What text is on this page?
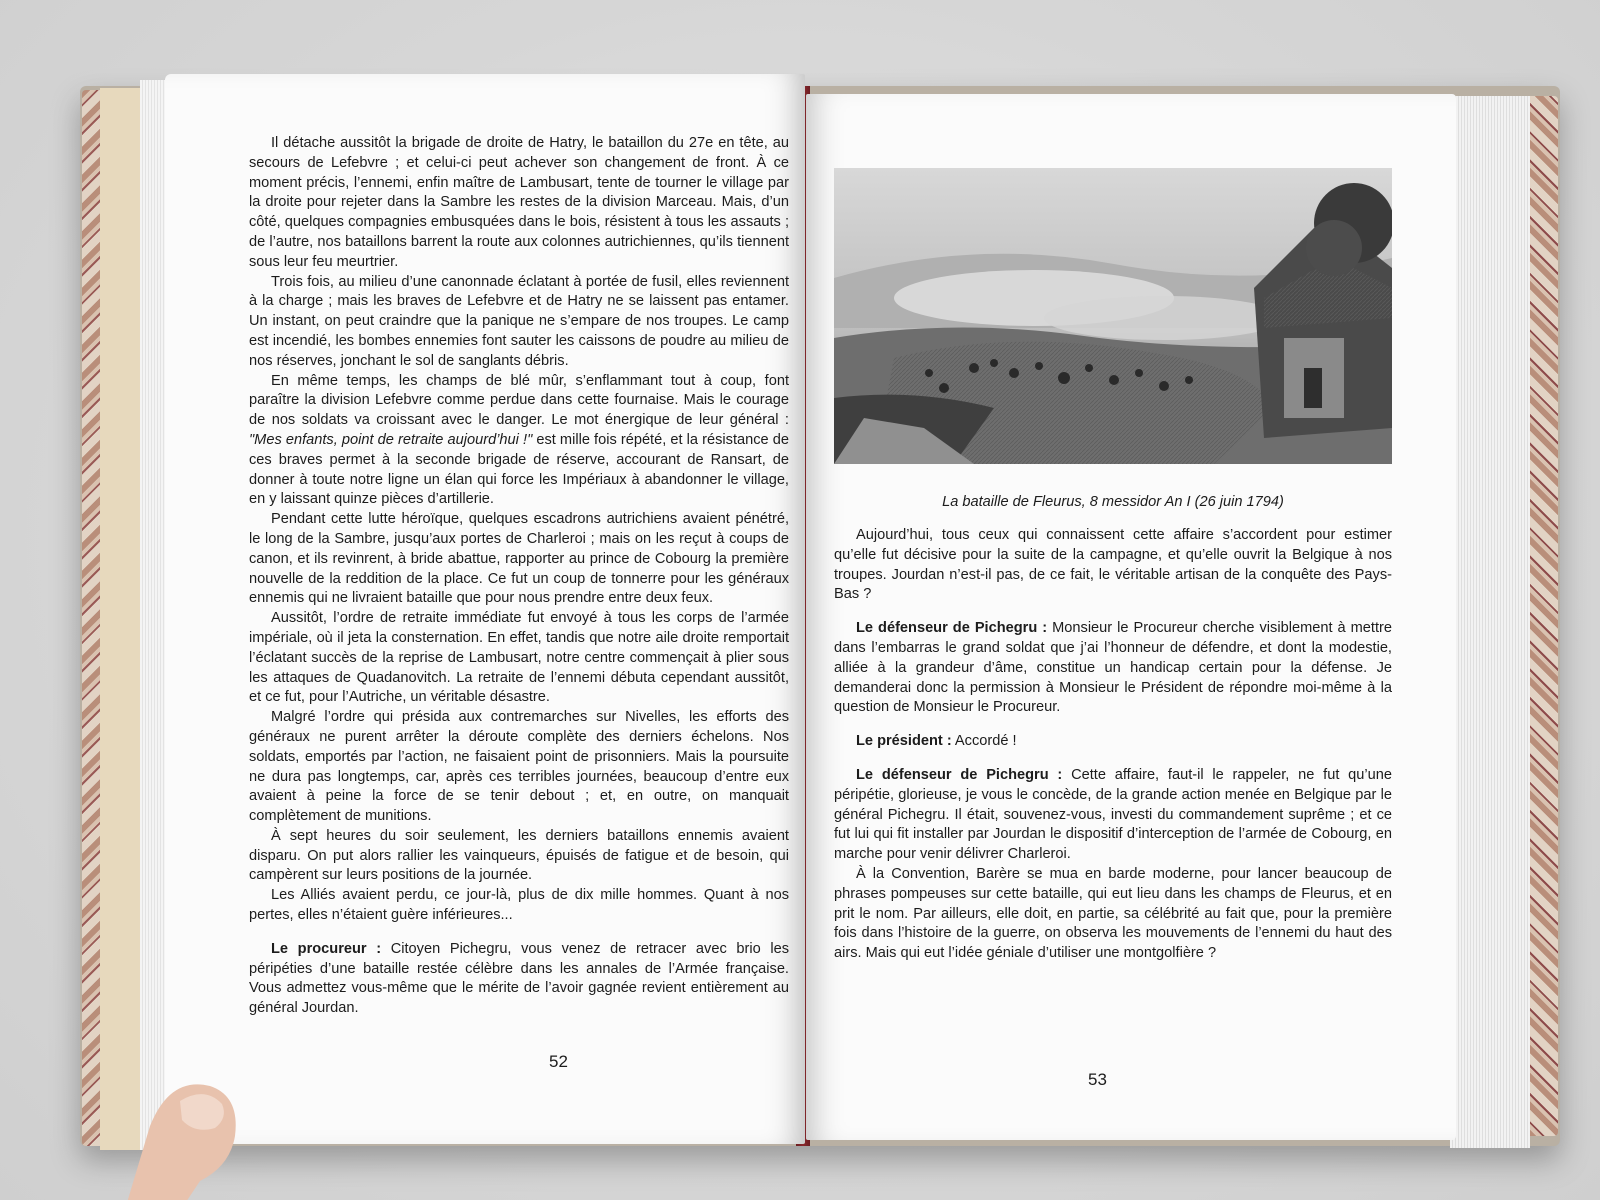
Il détache aussitôt la brigade de droite de Hatry, le bataillon du 27e en tête, au secours de Lefebvre ; et celui-ci peut achever son changement de front. À ce moment précis, l’ennemi, enfin maître de Lambusart, tente de tourner le village par la droite pour rejeter dans la Sambre les restes de la division Marceau. Mais, d’un côté, quelques compagnies embusquées dans le bois, résistent à tous les assauts ; de l’autre, nos bataillons barrent la route aux colonnes autrichiennes, qu’ils tiennent sous leur feu meurtrier.

Trois fois, au milieu d’une canonnade éclatant à portée de fusil, elles reviennent à la charge ; mais les braves de Lefebvre et de Hatry ne se laissent pas entamer. Un instant, on peut craindre que la panique ne s’empare de nos troupes. Le camp est incendié, les bombes ennemies font sauter les caissons de poudre au milieu de nos réserves, jonchant le sol de sanglants débris.

En même temps, les champs de blé mûr, s’enflammant tout à coup, font paraître la division Lefebvre comme perdue dans cette fournaise. Mais le courage de nos soldats va croissant avec le danger. Le mot énergique de leur général : "Mes enfants, point de retraite aujourd’hui !" est mille fois répété, et la résistance de ces braves permet à la seconde brigade de réserve, accourant de Ransart, de donner à toute notre ligne un élan qui force les Impériaux à abandonner le village, en y laissant quinze pièces d’artillerie.

Pendant cette lutte héroïque, quelques escadrons autrichiens avaient pénétré, le long de la Sambre, jusqu’aux portes de Charleroi ; mais on les reçut à coups de canon, et ils revinrent, à bride abattue, rapporter au prince de Cobourg la première nouvelle de la reddition de la place. Ce fut un coup de tonnerre pour les généraux ennemis qui ne livraient bataille que pour nous prendre entre deux feux.

Aussitôt, l’ordre de retraite immédiate fut envoyé à tous les corps de l’armée impériale, où il jeta la consternation. En effet, tandis que notre aile droite remportait l’éclatant succès de la reprise de Lambusart, notre centre commençait à plier sous les attaques de Quadanovitch. La retraite de l’ennemi débuta cependant aussitôt, et ce fut, pour l’Autriche, un véritable désastre.

Malgré l’ordre qui présida aux contremarches sur Nivelles, les efforts des généraux ne purent arrêter la déroute complète des derniers échelons. Nos soldats, emportés par l’action, ne faisaient point de prisonniers. Mais la poursuite ne dura pas longtemps, car, après ces terribles journées, beaucoup d’entre eux avaient à peine la force de se tenir debout ; et, en outre, on manquait complètement de munitions.

À sept heures du soir seulement, les derniers bataillons ennemis avaient disparu. On put alors rallier les vainqueurs, épuisés de fatigue et de besoin, qui campèrent sur leurs positions de la journée.

Les Alliés avaient perdu, ce jour-là, plus de dix mille hommes. Quant à nos pertes, elles n’étaient guère inférieures...

Le procureur : Citoyen Pichegru, vous venez de retracer avec brio les péripéties d’une bataille restée célèbre dans les annales de l’Armée française. Vous admettez vous-même que le mérite de l’avoir gagnée revient entièrement au général Jourdan.

52
La bataille de Fleurus, 8 messidor An I (26 juin 1794)

Aujourd’hui, tous ceux qui connaissent cette affaire s’accordent pour estimer qu’elle fut décisive pour la suite de la campagne, et qu’elle ouvrit la Belgique à nos troupes. Jourdan n’est-il pas, de ce fait, le véritable artisan de la conquête des Pays-Bas ?

Le défenseur de Pichegru : Monsieur le Procureur cherche visiblement à mettre dans l’embarras le grand soldat que j’ai l’honneur de défendre, et dont la modestie, alliée à la grandeur d’âme, constitue un handicap certain pour la défense. Je demanderai donc la permission à Monsieur le Président de répondre moi-même à la question de Monsieur le Procureur.

Le président : Accordé !

Le défenseur de Pichegru : Cette affaire, faut-il le rappeler, ne fut qu’une péripétie, glorieuse, je vous le concède, de la grande action menée en Belgique par le général Pichegru. Il était, souvenez-vous, investi du commandement suprême ; et ce fut lui qui fit installer par Jourdan le dispositif d’interception de l’armée de Cobourg, en marche pour venir délivrer Charleroi.

À la Convention, Barère se mua en barde moderne, pour lancer beaucoup de phrases pompeuses sur cette bataille, qui eut lieu dans les champs de Fleurus, et en prit le nom. Par ailleurs, elle doit, en partie, sa célébrité au fait que, pour la première fois dans l’histoire de la guerre, on observa les mouvements de l’ennemi du haut des airs. Mais qui eut l’idée géniale d’utiliser une montgolfière ?

53
